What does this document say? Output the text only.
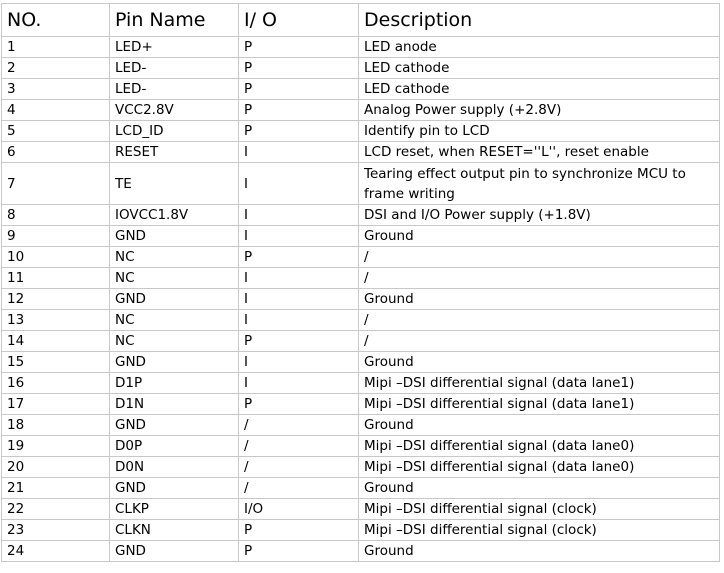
NO.	Pin Name	I/ O	Description
1	LED+	P	LED anode
2	LED-	P	LED cathode
3	LED-	P	LED cathode
4	VCC2.8V	P	Analog Power supply (+2.8V)
5	LCD_ID	P	Identify pin to LCD
6	RESET	I	LCD reset, when RESET=''L'', reset enable
7	TE	I	Tearing effect output pin to synchronize MCU to frame writing
8	IOVCC1.8V	I	DSI and I/O Power supply (+1.8V)
9	GND	I	Ground
10	NC	P	/
11	NC	I	/
12	GND	I	Ground
13	NC	I	/
14	NC	P	/
15	GND	I	Ground
16	D1P	I	Mipi –DSI differential signal (data lane1)
17	D1N	P	Mipi –DSI differential signal (data lane1)
18	GND	/	Ground
19	D0P	/	Mipi –DSI differential signal (data lane0)
20	D0N	/	Mipi –DSI differential signal (data lane0)
21	GND	/	Ground
22	CLKP	I/O	Mipi –DSI differential signal (clock)
23	CLKN	P	Mipi –DSI differential signal (clock)
24	GND	P	Ground
